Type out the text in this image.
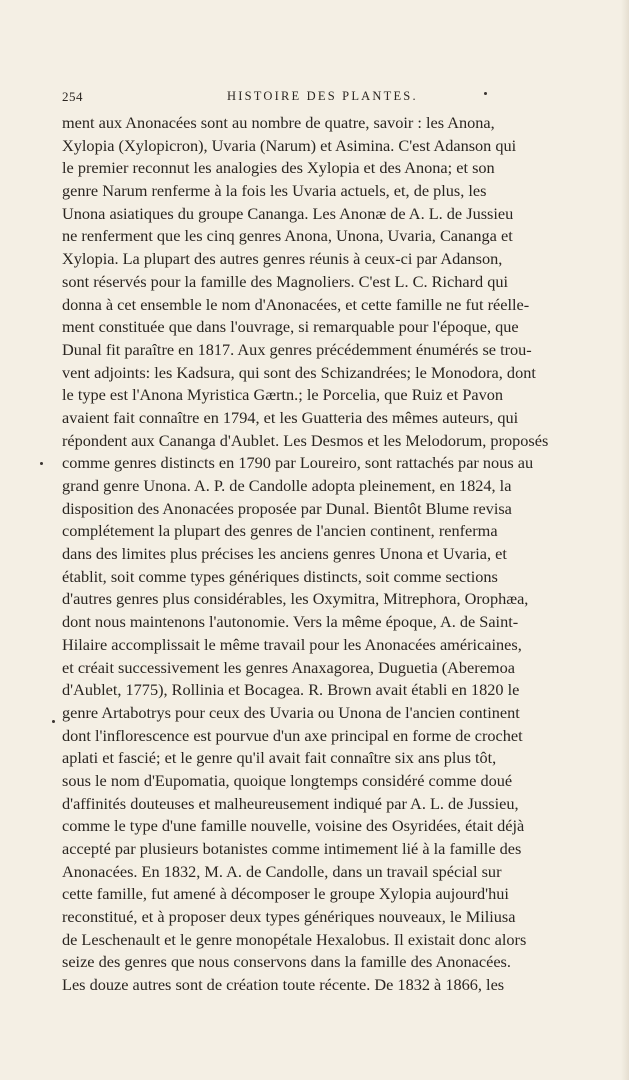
254	HISTOIRE DES PLANTES.
ment aux Anonacées sont au nombre de quatre, savoir : les Anona,
Xylopia (Xylopicron), Uvaria (Narum) et Asimina. C'est Adanson qui
le premier reconnut les analogies des Xylopia et des Anona; et son
genre Narum renferme à la fois les Uvaria actuels, et, de plus, les
Unona asiatiques du groupe Cananga. Les Anonæ de A. L. de Jussieu
ne renferment que les cinq genres Anona, Unona, Uvaria, Cananga et
Xylopia. La plupart des autres genres réunis à ceux-ci par Adanson,
sont réservés pour la famille des Magnoliers. C'est L. C. Richard qui
donna à cet ensemble le nom d'Anonacées, et cette famille ne fut réelle-
ment constituée que dans l'ouvrage, si remarquable pour l'époque, que
Dunal fit paraître en 1817. Aux genres précédemment énumérés se trou-
vent adjoints: les Kadsura, qui sont des Schizandrées; le Monodora, dont
le type est l'Anona Myristica Gærtn.; le Porcelia, que Ruiz et Pavon
avaient fait connaître en 1794, et les Guatteria des mêmes auteurs, qui
répondent aux Cananga d'Aublet. Les Desmos et les Melodorum, proposés
comme genres distincts en 1790 par Loureiro, sont rattachés par nous au
grand genre Unona. A. P. de Candolle adopta pleinement, en 1824, la
disposition des Anonacées proposée par Dunal. Bientôt Blume revisa
complétement la plupart des genres de l'ancien continent, renferma
dans des limites plus précises les anciens genres Unona et Uvaria, et
établit, soit comme types génériques distincts, soit comme sections
d'autres genres plus considérables, les Oxymitra, Mitrephora, Orophæa,
dont nous maintenons l'autonomie. Vers la même époque, A. de Saint-
Hilaire accomplissait le même travail pour les Anonacées américaines,
et créait successivement les genres Anaxagorea, Duguetia (Aberemoa
d'Aublet, 1775), Rollinia et Bocagea. R. Brown avait établi en 1820 le
genre Artabotrys pour ceux des Uvaria ou Unona de l'ancien continent
dont l'inflorescence est pourvue d'un axe principal en forme de crochet
aplati et fascié; et le genre qu'il avait fait connaître six ans plus tôt,
sous le nom d'Eupomatia, quoique longtemps considéré comme doué
d'affinités douteuses et malheureusement indiqué par A. L. de Jussieu,
comme le type d'une famille nouvelle, voisine des Osyridées, était déjà
accepté par plusieurs botanistes comme intimement lié à la famille des
Anonacées. En 1832, M. A. de Candolle, dans un travail spécial sur
cette famille, fut amené à décomposer le groupe Xylopia aujourd'hui
reconstitué, et à proposer deux types génériques nouveaux, le Miliusa
de Leschenault et le genre monopétale Hexalobus. Il existait donc alors
seize des genres que nous conservons dans la famille des Anonacées.
Les douze autres sont de création toute récente. De 1832 à 1866, les
